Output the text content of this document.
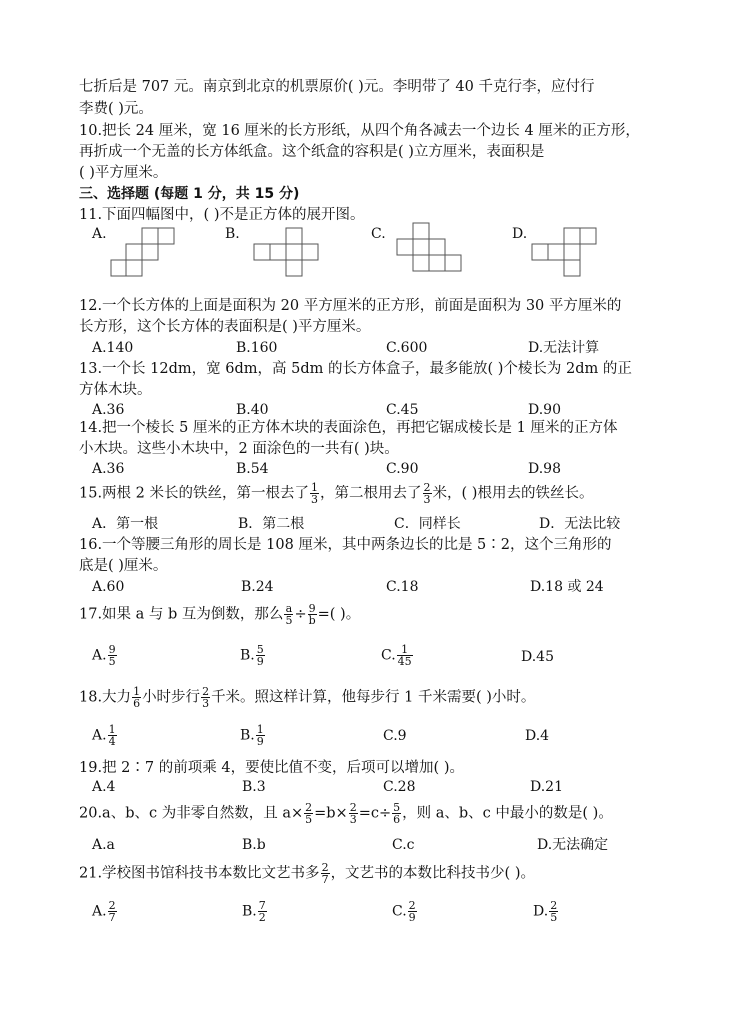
七折后是 707 元。南京到北京的机票原价( )元。李明带了 40 千克行李，应付行
李费( )元。
10.把长 24 厘米，宽 16 厘米的长方形纸，从四个角各减去一个边长 4 厘米的正方形，
再折成一个无盖的长方体纸盒。这个纸盒的容积是( )立方厘米，表面积是
( )平方厘米。
三、选择题 (每题 1 分，共 15 分)
11.下面四幅图中，( )不是正方体的展开图。
A.	B.	C.	D.
12.一个长方体的上面是面积为 20 平方厘米的正方形，前面是面积为 30 平方厘米的
长方形，这个长方体的表面积是( )平方厘米。
A.140	B.160	C.600	D.无法计算
13.一个长 12dm，宽 6dm，高 5dm 的长方体盒子，最多能放( )个棱长为 2dm 的正
方体木块。
A.36	B.40	C.45	D.90
14.把一个棱长 5 厘米的正方体木块的表面涂色，再把它锯成棱长是 1 厘米的正方体
小木块。这些小木块中，2 面涂色的一共有( )块。
A.36	B.54	C.90	D.98
15.两根 2 米长的铁丝，第一根去了 $\frac{1}{3}$ ，第二根用去了 $\frac{2}{3}$ 米，( )根用去的铁丝长。
A．第一根	B．第二根	C．同样长	D．无法比较
16.一个等腰三角形的周长是 108 厘米，其中两条边长的比是 5∶2，这个三角形的
底是( )厘米。
A.60	B.24	C.18	D.18 或 24
17.如果 a 与 b 互为倒数，那么 $\frac{a}{5} \div \frac{9}{b}$ =( )。
A. $\frac{9}{5}$	B. $\frac{5}{9}$	C. $\frac{1}{45}$	D.45
18.大力 $\frac{1}{6}$ 小时步行 $\frac{2}{3}$ 千米。照这样计算，他每步行 1 千米需要( )小时。
A. $\frac{1}{4}$	B. $\frac{1}{9}$	C.9	D.4
19.把 2∶7 的前项乘 4，要使比值不变，后项可以增加( )。
A.4	B.3	C.28	D.21
20.a、b、c 为非零自然数，且 $a\times \frac{2}{5} =b\times \frac{2}{3} =c\div \frac{5}{6}$ ，则 a、b、c 中最小的数是( )。
A.a	B.b	C.c	D.无法确定
21.学校图书馆科技书本数比文艺书多 $\frac{2}{7}$ ，文艺书的本数比科技书少( )。
A. $\frac{2}{7}$	B. $\frac{7}{2}$	C. $\frac{2}{9}$	D. $\frac{2}{5}$
